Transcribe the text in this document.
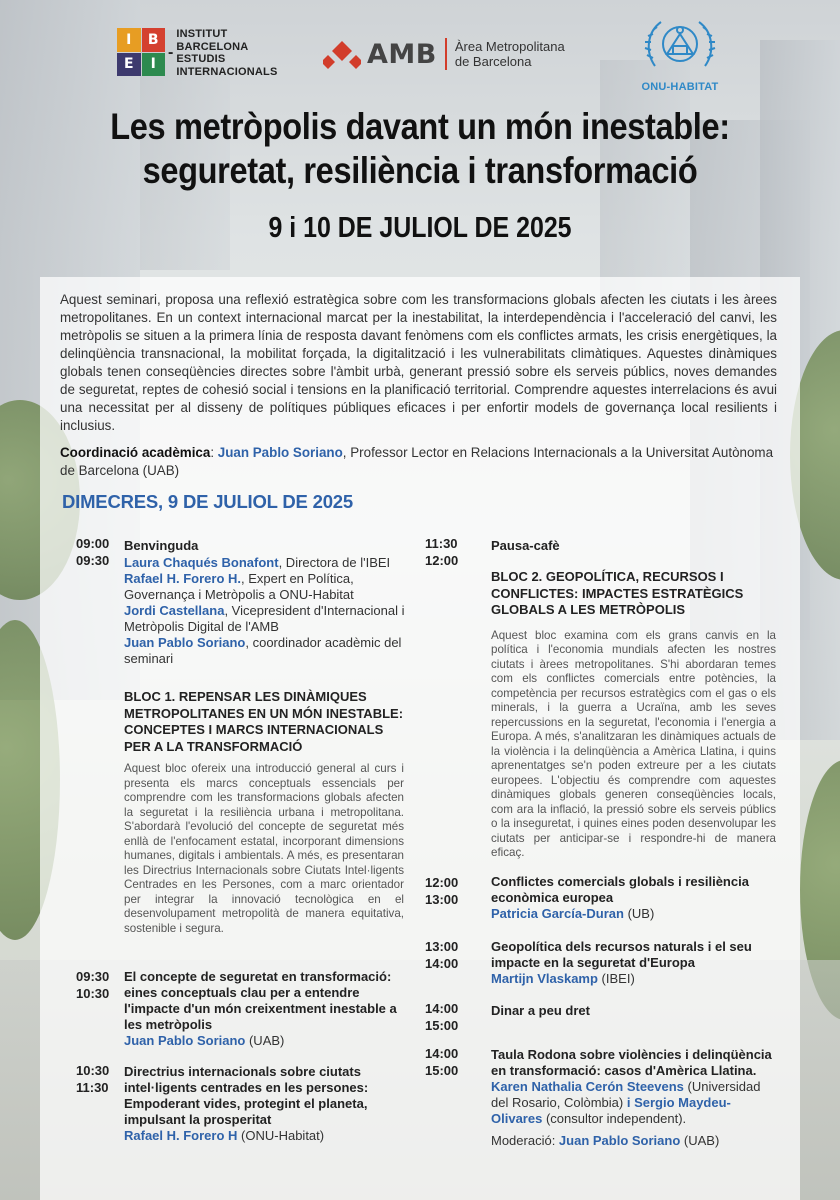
I	B
E	I
-
INSTITUT
BARCELONA
ESTUDIS
INTERNACIONALS
AMB Àrea Metropolitana
de Barcelona
ONU-HABITAT
Les metròpolis davant un món inestable:
seguretat, resiliència i transformació
9 i 10 DE JULIOL DE 2025

Aquest seminari, proposa una reflexió estratègica sobre com les transformacions globals afecten les ciutats i les àrees metropolitanes. En un context internacional marcat per la inestabilitat, la interdependència i l'acceleració del canvi, les metròpolis se situen a la primera línia de resposta davant fenòmens com els conflictes armats, les crisis energètiques, la delinqüència transnacional, la mobilitat forçada, la digitalització i les vulnerabilitats climàtiques. Aquestes dinàmiques globals tenen conseqüències directes sobre l'àmbit urbà, generant pressió sobre els serveis públics, noves demandes de seguretat, reptes de cohesió social i tensions en la planificació territorial. Comprendre aquestes interrelacions és avui una necessitat per al disseny de polítiques públiques eficaces i per enfortir models de governança local resilients i inclusius.

Coordinació acadèmica: Juan Pablo Soriano, Professor Lector en Relacions Internacionals a la Universitat Autònoma de Barcelona (UAB)

DIMECRES, 9 DE JULIOL DE 2025
09:00
09:30
Benvinguda
Laura Chaqués Bonafont, Directora de l'IBEI
Rafael H. Forero H., Expert en Política, Governança i Metròpolis a ONU-Habitat
Jordi Castellana, Vicepresident d'Internacional i Metròpolis Digital de l'AMB
Juan Pablo Soriano, coordinador acadèmic del seminari
BLOC 1. REPENSAR LES DINÀMIQUES METROPOLITANES EN UN MÓN INESTABLE: CONCEPTES I MARCS INTERNACIONALS PER A LA TRANSFORMACIÓ
Aquest bloc ofereix una introducció general al curs i presenta els marcs conceptuals essencials per comprendre com les transformacions globals afecten la seguretat i la resiliència urbana i metropolitana. S'abordarà l'evolució del concepte de seguretat més enllà de l'enfocament estatal, incorporant dimensions humanes, digitals i ambientals. A més, es presentaran les Directrius Internacionals sobre Ciutats Intel·ligents Centrades en les Persones, com a marc orientador per integrar la innovació tecnològica en el desenvolupament metropolità de manera equitativa, sostenible i segura.
09:30
10:30
El concepte de seguretat en transformació: eines conceptuals clau per a entendre l'impacte d'un món creixentment inestable a les metròpolis
Juan Pablo Soriano (UAB)
10:30
11:30
Directrius internacionals sobre ciutats intel·ligents centrades en les persones: Empoderant vides, protegint el planeta, impulsant la prosperitat
Rafael H. Forero H (ONU-Habitat)
11:30
12:00
Pausa-cafè
BLOC 2. GEOPOLÍTICA, RECURSOS I CONFLICTES: IMPACTES ESTRATÈGICS GLOBALS A LES METRÒPOLIS
Aquest bloc examina com els grans canvis en la política i l'economia mundials afecten les nostres ciutats i àrees metropolitanes. S'hi abordaran temes com els conflictes comercials entre potències, la competència per recursos estratègics com el gas o els minerals, i la guerra a Ucraïna, amb les seves repercussions en la seguretat, l'economia i l'energia a Europa. A més, s'analitzaran les dinàmiques actuals de la violència i la delinqüència a Amèrica Llatina, i quins aprenentatges se'n poden extreure per a les ciutats europees. L'objectiu és comprendre com aquestes dinàmiques globals generen conseqüències locals, com ara la inflació, la pressió sobre els serveis públics o la inseguretat, i quines eines poden desenvolupar les ciutats per anticipar-se i respondre-hi de manera eficaç.
12:00
13:00
Conflictes comercials globals i resiliència econòmica europea
Patricia García-Duran (UB)
13:00
14:00
Geopolítica dels recursos naturals i el seu impacte en la seguretat d'Europa
Martijn Vlaskamp (IBEI)
14:00
15:00
Dinar a peu dret
14:00
15:00
Taula Rodona sobre violències i delinqüència en transformació: casos d'Amèrica Llatina.
Karen Nathalia Cerón Steevens (Universidad del Rosario, Colòmbia) i Sergio Maydeu-Olivares (consultor independent).
Moderació: Juan Pablo Soriano (UAB)
